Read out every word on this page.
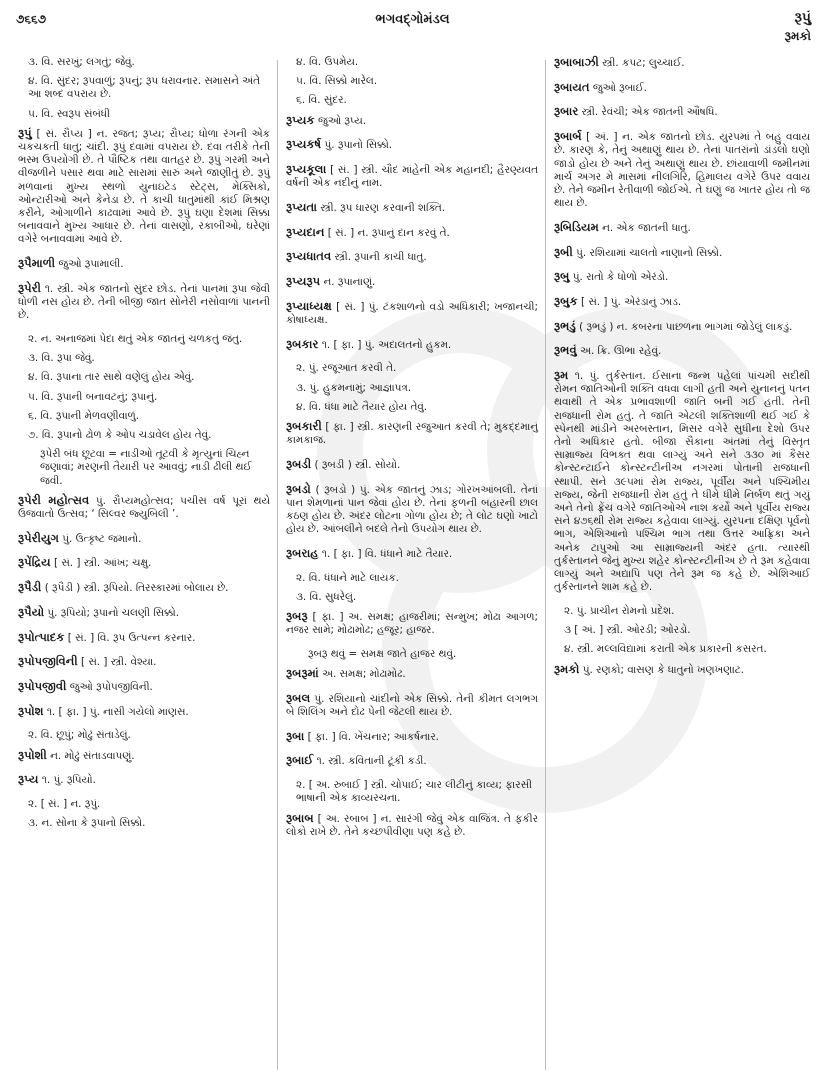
૭૬૬૭	ભગવદ્ગોમંડલ	રૂપું
રૂમકો
૩. વિ. સરખું; લગતું; જેવું.
૪. વિ. સુંદર; રૂપવાળું; રૂપનું; રૂપ ધરાવનાર. સમાસને અંતે આ શબ્દ વપરાય છે.
૫. વિ. સ્વરૂપ સંબંધી
રૂપું [ સં. રૌપ્ય ] ન. રજત; રૂપ્ય; રૌપ્ય; ધોળા રંગની એક ચકચકતી ધાતુ; ચાંદી. રૂપું દવામાં વપરાય છે. દવા તરીકે તેની ભસ્મ ઉપયોગી છે. તે પૌષ્ટિક તથા વાતહર છે. રૂપું ગરમી અને વીજળીને પસાર થવા માટે સારામાં સારું અને જાણીતું છે. રૂપું મળવાનાં મુખ્ય સ્થળો યુનાઇટેડ સ્ટેટ્સ, મેક્સિકો, ઓન્ટારીઓ અને કેનેડા છે. તે કાચી ધાતુમાંથી કાંઈ મિશ્રણ કરીને, ઓગાળીને કાઢવામાં આવે છે. રૂપું ઘણા દેશમાં સિક્કા બનાવવાને મુખ્ય આધાર છે. તેનાં વાસણો, રકાબીઓ, ઘરેણાં વગેરે બનાવવામાં આવે છે.
રૂપૈમાળી જુઓ રૂપામાલી.
રૂપેરી ૧. સ્ત્રી. એક જાતનો સુંદર છોડ. તેનાં પાનમાં રૂપા જેવી ધોળી નસ હોય છે. તેની બીજી જાત સોનેરી નસોવાળાં પાનની છે.
૨. ન. અનાજમાં પેદા થતું એક જાતનું ચળકતું જંતુ.
૩. વિ. રૂપા જેવું.
૪. વિ. રૂપાના તાર સાથે વણેલું હોય એવું.
૫. વિ. રૂપાની બનાવટનું; રૂપાનું.
૬. વિ. રૂપાની મેળવણીવાળું.
૭. વિ. રૂપાનો ઢોળ કે ઓપ ચડાવેલ હોય તેવું.
રૂપેરી બંધ છૂટવા = નાડીઓ તૂટવી કે મૃત્યુનાં ચિહ્ન જણાવાં; મરણની તૈયારી પર આવવું; નાડી ઢીલી થઈ જવી.
રૂપેરી મહોત્સવ પું. રૌપ્યમહોત્સવ; પચીસ વર્ષ પૂરાં થયે ઉજવાતો ઉત્સવ; ‘ સિલ્વર જ્યુબિલી ’.
રૂપેરીયુગ પું. ઉત્કૃષ્ટ જમાનો.
રૂપેંદ્રિય [ સં. ] સ્ત્રી. આંખ; ચક્ષુ.
રૂપૈડી ( રૂપૈડી ) સ્ત્રી. રૂપિયો. તિરસ્કારમાં બોલાય છે.
રૂપૈયો પું. રૂપિયો; રૂપાનો ચલણી સિક્કો.
રૂપોત્પાદક [ સં. ] વિ. રૂપ ઉત્પન્ન કરનાર.
રૂપોપજીવિની [ સં. ] સ્ત્રી. વેશ્યા.
રૂપોપજીવી જુઓ રૂપોપજીવિની.
રૂપોશ ૧. [ ફા. ] પું. નાસી ગયેલો માણસ.
૨. વિ. છૂપું; મોઢું સંતાડેલું.
રૂપોશી ન. મોઢું સંતાડવાપણું.
રૂપ્ય ૧. પું. રૂપિયો.
૨. [ સં. ] ન. રૂપું.
૩. ન. સોના કે રૂપાનો સિક્કો.
૪. વિ. ઉપમેય.
૫. વિ. સિક્કો મારેલ.
૬. વિ. સુંદર.
રૂપ્યક જુઓ રૂપ્ય.
રૂપ્યકર્ષ પું. રૂપાનો સિક્કો.
રૂપ્યકૂલા [ સં. ] સ્ત્રી. ચૌદ માંહેની એક મહાનદી; હૈરણ્યવત વર્ષની એક નદીનું નામ.
રૂપ્યતા સ્ત્રી. રૂપ ધારણ કરવાની શક્તિ.
રૂપ્યદાન [ સં. ] ન. રૂપાનું દાન કરવું તે.
રૂપ્યધાતવ સ્ત્રી. રૂપાની કાચી ધાતુ.
રૂપ્યરૂપ ન. રૂપાનાણું.
રૂપ્યાધ્યક્ષ [ સં. ] પું. ટંકશાળનો વડો અધિકારી; ખજાનચી; કોષાધ્યક્ષ.
રૂબકાર ૧. [ ફા. ] પું. અદાલતનો હુકમ.
૨. પું. રજૂઆત કરવી તે.
૩. પું. હુકમનામું; આજ્ઞાપત્ર.
૪. વિ. ધંધા માટે તૈયાર હોય તેવું.
રૂબકારી [ ફા. ] સ્ત્રી. કારણની રજુઆત કરવી તે; મુકદ્દમાનું કામકાજ.
રૂબડી ( રૂબડી ) સ્ત્રી. સોયો.
રૂબડો ( રૂબડો ) પું. એક જાતનું ઝાડ; ગોરખઆંબલી. તેનાં પાન શેમળાનાં પાન જેવાં હોય છે. તેનાં ફળની બહારની છાલ કઠણ હોય છે. અંદર લોટના ગોળા હોય છે; તે લોટ ઘણો ખાટો હોય છે. આંબલીને બદલે તેનો ઉપયોગ થાય છે.
રૂબરાહ ૧. [ ફા. ] વિ. ધંધાને માટે તૈયાર.
૨. વિ. ધંધાને માટે લાયક.
૩. વિ. સુધરેલું.
રૂબરૂ [ ફા. ] અ. સમક્ષ; હાજરીમાં; સન્મુખ; મોઢા આગળ; નજર સામે; મોઢામોઢ; હજૂર; હાજર.
રૂબરૂ થવું = સમક્ષ જાતે હાજર થવું.
રૂબરૂમાં અ. સમક્ષ; મોઢામોઢ.
રૂબલ પું. રશિયાનો ચાંદીનો એક સિક્કો. તેની કીમત લગભગ બે શિલિંગ અને દોઢ પેની જેટલી થાય છે.
રૂબા [ ફા. ] વિ. ખેંચનાર; આકર્ષનાર.
રૂબાઈ ૧. સ્ત્રી. કવિતાની ટૂંકી કડી.
૨. [ અ. રુબાઈ ] સ્ત્રી. ચોપાઈ; ચાર લીટીનું કાવ્ય; ફારસી ભાષાની એક કાવ્યરચના.
રૂબાબ [ અ. રબાબ ] ન. સારંગી જેવું એક વાજિંત્ર. તે ફકીર લોકો રાખે છે. તેને કચ્છપીવીણા પણ કહે છે.
રૂબાબાઝી સ્ત્રી. કપટ; લુચ્ચાઈ.
રૂબાયત જુઓ રૂબાઈ.
રૂબાર સ્ત્રી. રેવંચી; એક જાતની ઔષધિ.
રૂબાર્બ [ અં. ] ન. એક જાતનો છોડ. યુરપમાં તે બહુ વવાય છે. કારણ કે, તેનું અથાણું થાય છે. તેનાં પાતરાંનો ડાંડલો ઘણો જાડો હોય છે અને તેનું અથાણું થાય છે. છાંયાવાળી જમીનમાં માર્ચ અગર મે માસમાં નીલગિરિ, હિમાલય વગેરે ઉપર વવાય છે. તેને જમીન રેતીવાળી જોઈએ. તે ઘણું જ ખાતર હોય તો જ થાય છે.
રૂબિડિયમ ન. એક જાતની ધાતુ.
રૂબી પું. રશિયામાં ચાલતો નાણાનો સિક્કો.
રૂબુ પું. રાતો કે ધોળો એરંડો.
રૂબુક [ સં. ] પું. એરંડાનું ઝાડ.
રૂભડું ( રૂભડું ) ન. કબરના પાછળના ભાગમાં જોડેલું લાકડું.
રૂભવું અ. ક્રિ. ઊભા રહેવું.
રૂમ ૧. પું. તુર્કસ્તાન. ઈસાના જન્મ પહેલાં પાંચમી સદીથી રોમન જાતિઓની શક્તિ વધવા લાગી હતી અને યુનાનનું પતન થવાથી તે એક પ્રભાવશાળી જાતિ બની ગઈ હતી. તેની રાજધાની રોમ હતું. તે જાતિ એટલી શક્તિશાળી થઈ ગઈ કે સ્પેનથી માંડીને અરબસ્તાન, મિસર વગેરે સુધીના દેશો ઉપર તેનો અધિકાર હતો. બીજા સૈકાના અંતમાં તેનું વિસ્તૃત સામ્રાજ્ય વિભક્ત થવા લાગ્યું અને સને ૩૩૦ માં કૈસર કોન્સ્ટન્ટાઈને કોન્સ્ટન્ટીનીઅ નગરમાં પોતાની રાજધાની સ્થાપી. સને ૩૯૫માં રોમ રાજ્ય, પૂર્વીય અને પશ્ચિમીય રાજ્ય, જેની રાજધાની રોમ હતું તે ધીમે ધીમે નિર્બળ થતું ગયું અને તેનો ફ્રેંચ વગેરે જાતિઓએ નાશ કર્યો અને પૂર્વીય રાજ્ય સને ૪૭૬થી રોમ રાજ્ય કહેવાવા લાગ્યું. યુરપના દક્ષિણ પૂર્વનો ભાગ, એશિઆનો પશ્ચિમ ભાગ તથા ઉત્તર આફ્રિકા અને અનેક ટાપુઓ આ સામ્રાજ્યની અંદર હતા. ત્યારથી તુર્કસ્તાનને જેનું મુખ્ય શહેર કોન્સ્ટન્ટીનીઅ છે તે રૂમ કહેવાવા લાગ્યું અને અદ્યાપિ પણ તેને રૂમ જ કહે છે. એશિઆઈ તુર્કસ્તાનને શામ કહે છે.
૨. પું. પ્રાચીન રોમનો પ્રદેશ.
૩ [ અં. ] સ્ત્રી. ઓરડી; ઓરડો.
૪. સ્ત્રી. મલ્લવિદ્યામાં કરાતી એક પ્રકારની કસરત.
રૂમકો પું. રણકો; વાસણ કે ધાતુનો ખણખણાટ.
